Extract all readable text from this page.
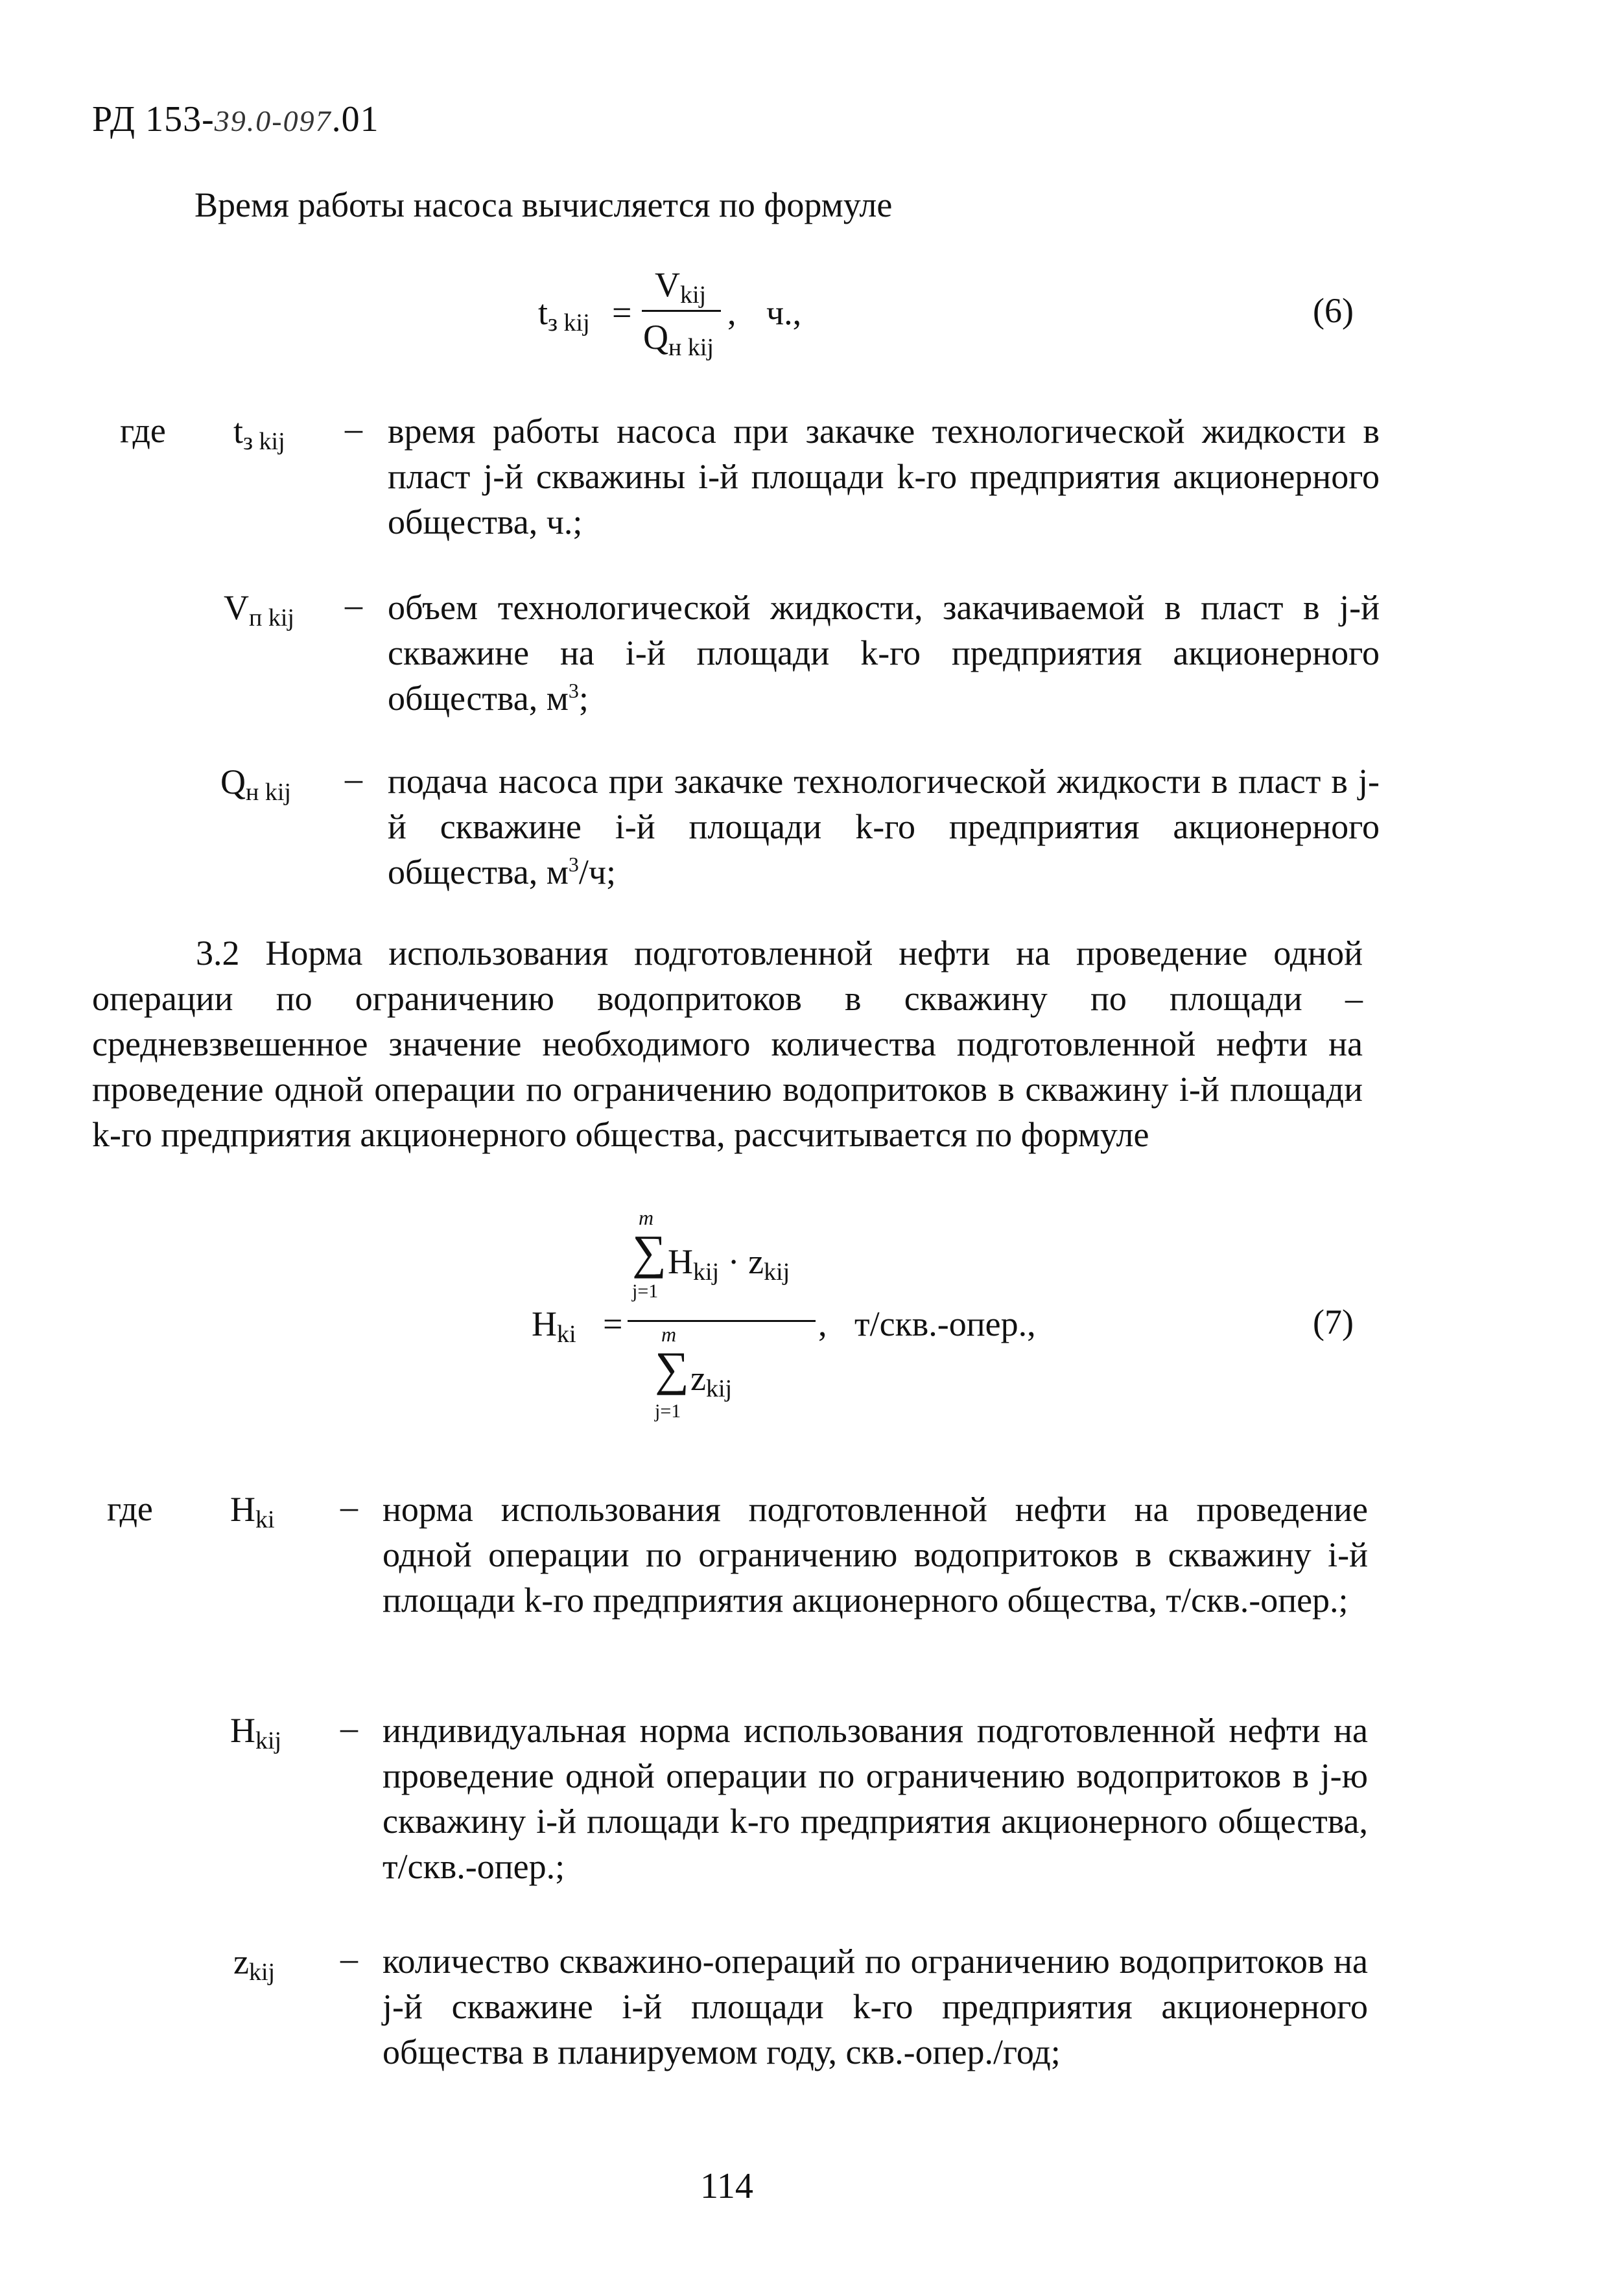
РД 153-39.0-097.01
Время работы насоса вычисляется по формуле
$t_{з kij}$ =
$V_{kij}$
$Q_{н kij}$
, ч.,	(6)
где $t_{з kij}$ – время работы насоса при закачке технологической жидкости в пласт j-й скважины i-й площади k-го предприятия акционерного общества, ч.;
$V_{п kij}$ – объем технологической жидкости, закачиваемой в пласт в j-й скважине на i-й площади k-го предприятия акционерного общества, $м^3$;
$Q_{н kij}$ – подача насоса при закачке технологической жидкости в пласт в j-й скважине i-й площади k-го предприятия акционерного общества, $м^3/ч$;
3.2 Норма использования подготовленной нефти на проведение одной операции по ограничению водопритоков в скважину по площади – средневзвешенное значение необходимого количества подготовленной нефти на проведение одной операции по ограничению водопритоков в скважину i-й площади k-го предприятия акционерного общества, рассчитывается по формуле
$H_{ki}$ =
m
∑
j=1
$H_{kij} \cdot z_{kij}$
m
∑
j=1
$z_{kij}$
, т/скв.-опер.,	(7)
где $H_{ki}$ – норма использования подготовленной нефти на проведение одной операции по ограничению водопритоков в скважину i-й площади k-го предприятия акционерного общества, т/скв.-опер.;
$H_{kij}$ – индивидуальная норма использования подготовленной нефти на проведение одной операции по ограничению водопритоков в j-ю скважину i-й площади k-го предприятия акционерного общества, т/скв.-опер.;
$z_{kij}$ – количество скважино-операций по ограничению водопритоков на j-й скважине i-й площади k-го предприятия акционерного общества в планируемом году, скв.-опер./год;
114
